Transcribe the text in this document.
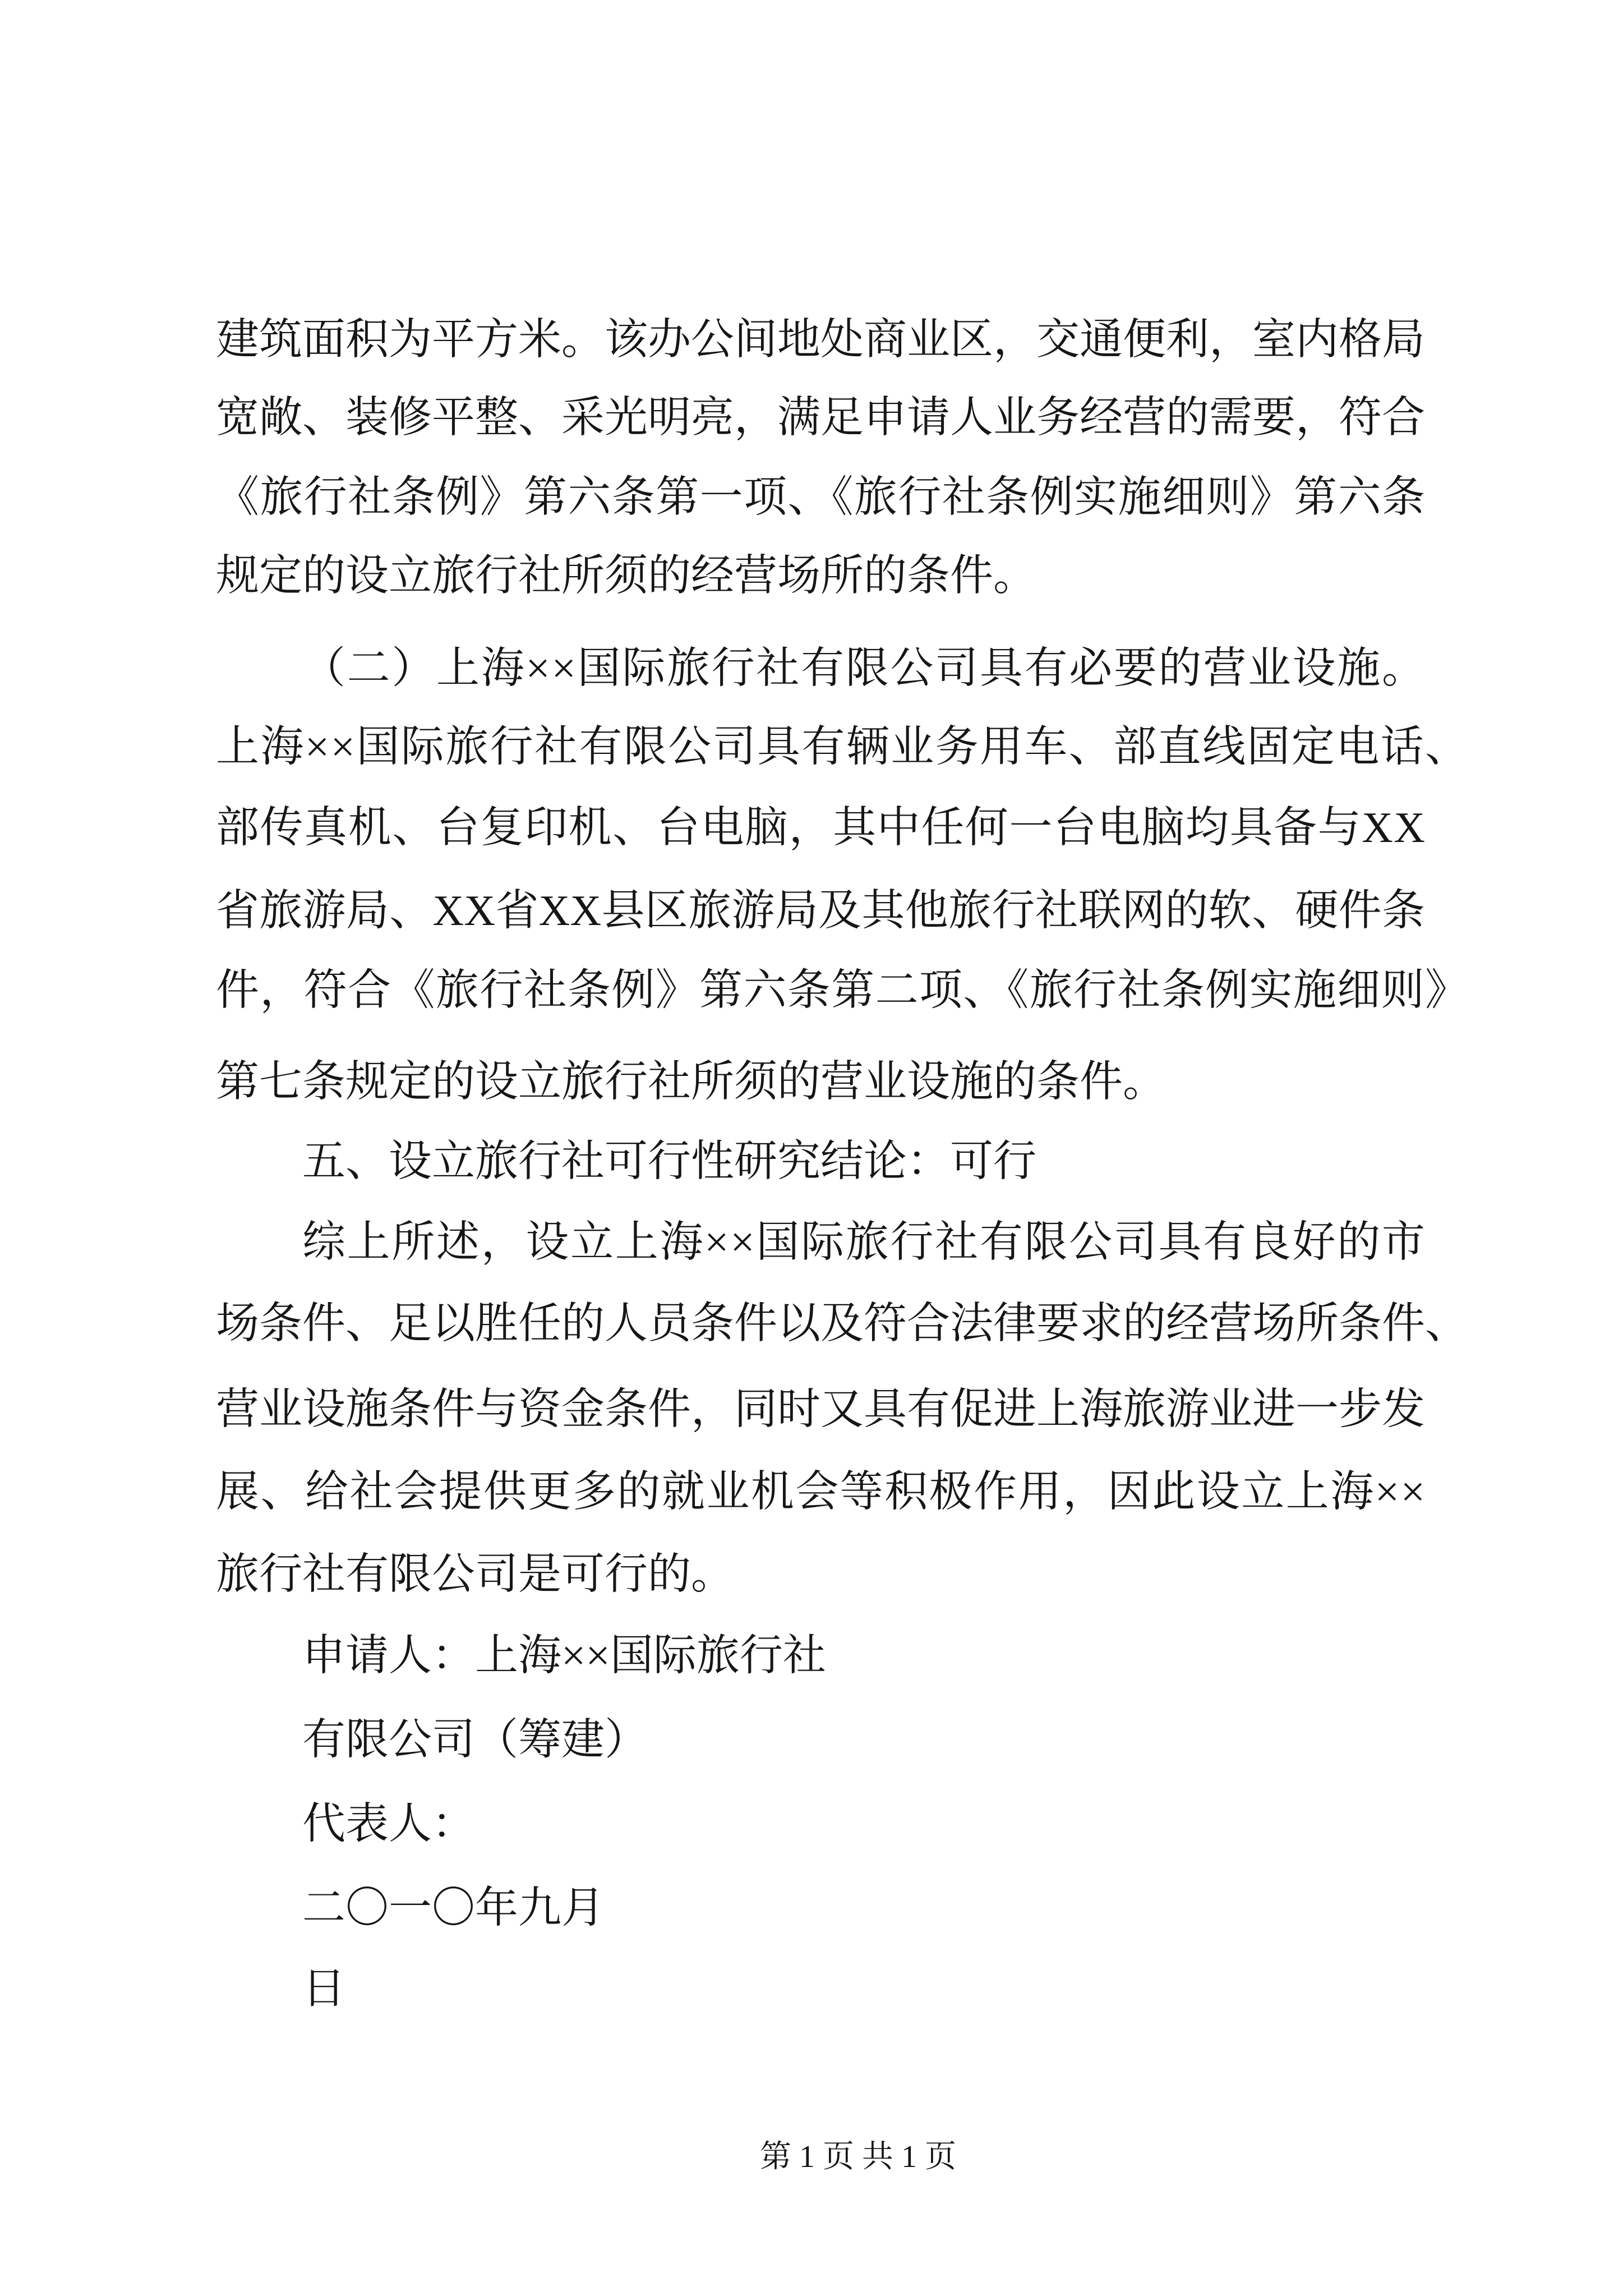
建筑面积为平方米。该办公间地处商业区，交通便利，室内格局
宽敞、装修平整、采光明亮，满足申请人业务经营的需要，符合
《旅行社条例》第六条第一项、《旅行社条例实施细则》第六条
规定的设立旅行社所须的经营场所的条件。
（二）上海××国际旅行社有限公司具有必要的营业设施。
上海××国际旅行社有限公司具有辆业务用车、部直线固定电话、
部传真机、台复印机、台电脑，其中任何一台电脑均具备与XX
省旅游局、XX省XX县区旅游局及其他旅行社联网的软、硬件条
件，符合《旅行社条例》第六条第二项、《旅行社条例实施细则》
第七条规定的设立旅行社所须的营业设施的条件。
五、设立旅行社可行性研究结论：可行
综上所述，设立上海××国际旅行社有限公司具有良好的市
场条件、足以胜任的人员条件以及符合法律要求的经营场所条件、
营业设施条件与资金条件，同时又具有促进上海旅游业进一步发
展、给社会提供更多的就业机会等积极作用，因此设立上海××
旅行社有限公司是可行的。
申请人：上海××国际旅行社
有限公司（筹建）
代表人：
二〇一〇年九月
日
第 1 页 共 1 页
